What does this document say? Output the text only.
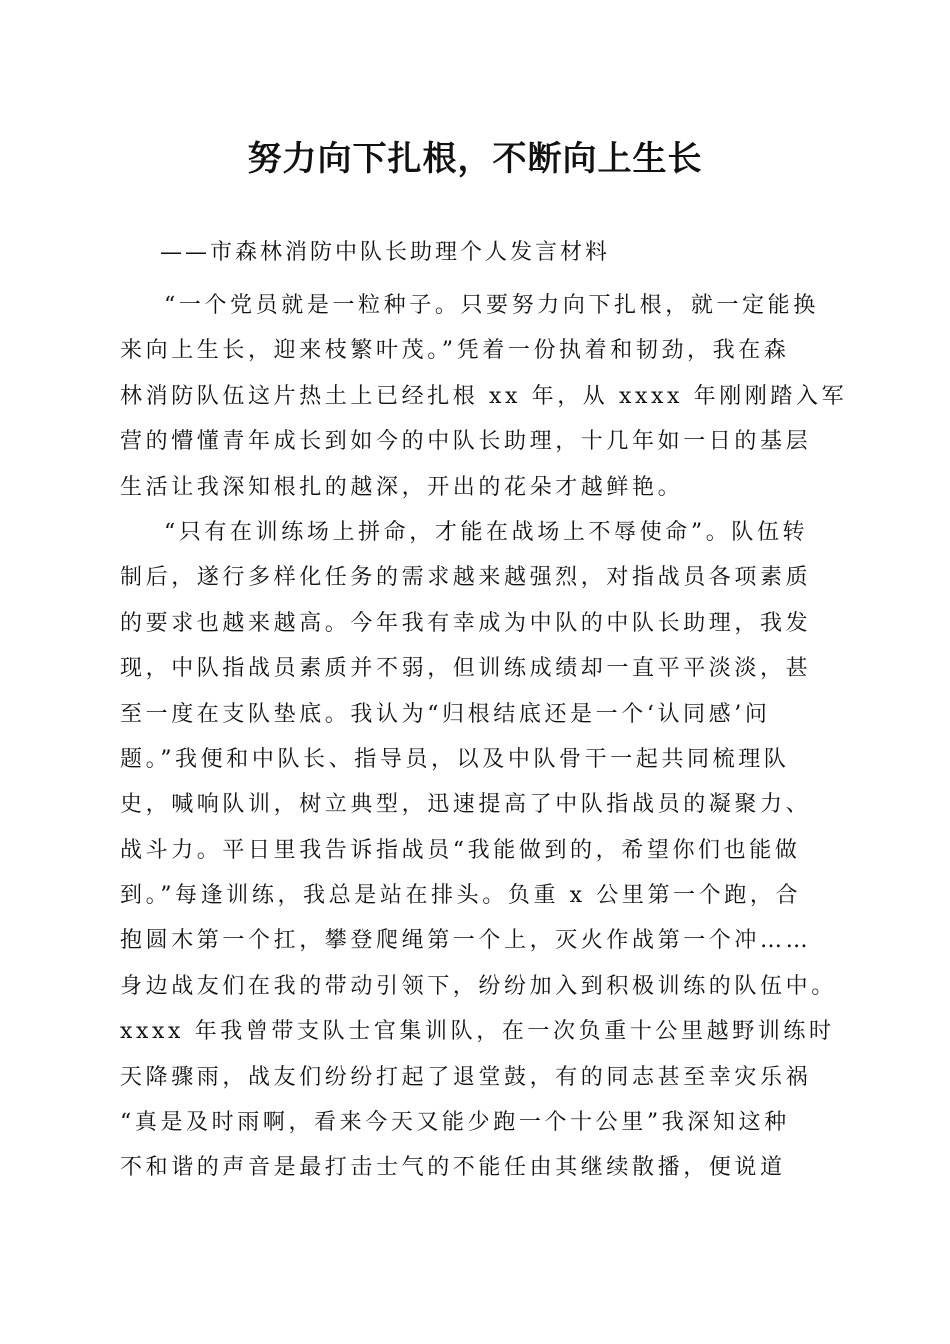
努力向下扎根，不断向上生长

——市森林消防中队长助理个人发言材料

“一个党员就是一粒种子。只要努力向下扎根，就一定能换

来向上生长，迎来枝繁叶茂。”凭着一份执着和韧劲，我在森

林消防队伍这片热土上已经扎根 xx 年，从 xxxx 年刚刚踏入军

营的懵懂青年成长到如今的中队长助理，十几年如一日的基层

生活让我深知根扎的越深，开出的花朵才越鲜艳。

“只有在训练场上拼命，才能在战场上不辱使命”。队伍转

制后，遂行多样化任务的需求越来越强烈，对指战员各项素质

的要求也越来越高。今年我有幸成为中队的中队长助理，我发

现，中队指战员素质并不弱，但训练成绩却一直平平淡淡，甚

至一度在支队垫底。我认为“归根结底还是一个‘认同感’问

题。”我便和中队长、指导员，以及中队骨干一起共同梳理队

史，喊响队训，树立典型，迅速提高了中队指战员的凝聚力、

战斗力。平日里我告诉指战员“我能做到的，希望你们也能做

到。”每逢训练，我总是站在排头。负重 x 公里第一个跑，合

抱圆木第一个扛，攀登爬绳第一个上，灭火作战第一个冲……

身边战友们在我的带动引领下，纷纷加入到积极训练的队伍中。

xxxx 年我曾带支队士官集训队，在一次负重十公里越野训练时

天降骤雨，战友们纷纷打起了退堂鼓，有的同志甚至幸灾乐祸

“真是及时雨啊，看来今天又能少跑一个十公里”我深知这种

不和谐的声音是最打击士气的不能任由其继续散播，便说道
